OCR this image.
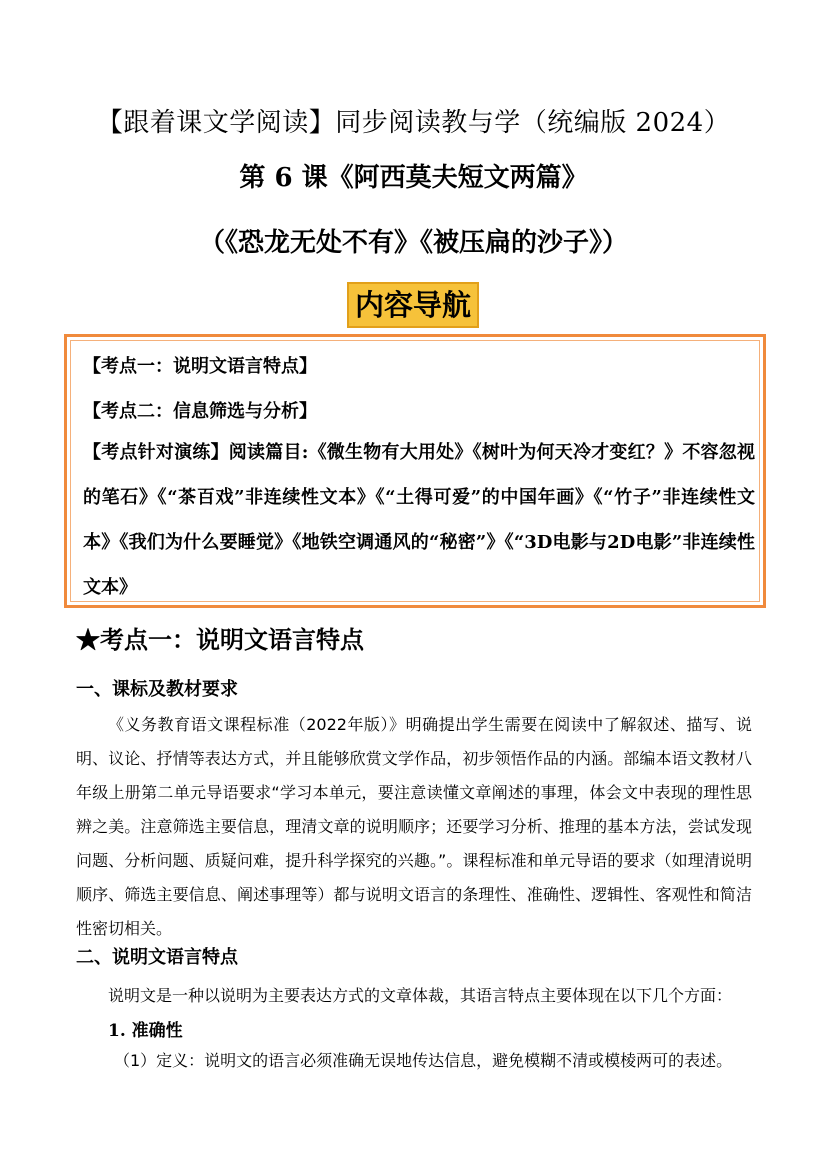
【跟着课文学阅读】同步阅读教与学（统编版 2024）
第 6 课《阿西莫夫短文两篇》
（《恐龙无处不有》《被压扁的沙子》）
内容导航
【考点一：说明文语言特点】
【考点二：信息筛选与分析】
【考点针对演练】阅读篇目:《微生物有大用处》《树叶为何天冷才变红？》不容忽视的笔石》《“茶百戏”非连续性文本》《“土得可爱”的中国年画》《“竹子”非连续性文本》《我们为什么要睡觉》《地铁空调通风的“秘密”》《“3D电影与2D电影”非连续性文本》
★考点一：说明文语言特点
一、课标及教材要求
《义务教育语文课程标准（2022年版）》明确提出学生需要在阅读中了解叙述、描写、说明、议论、抒情等表达方式，并且能够欣赏文学作品，初步领悟作品的内涵。部编本语文教材八年级上册第二单元导语要求“学习本单元，要注意读懂文章阐述的事理，体会文中表现的理性思辨之美。注意筛选主要信息，理清文章的说明顺序；还要学习分析、推理的基本方法，尝试发现问题、分析问题、质疑问难，提升科学探究的兴趣。”。课程标准和单元导语的要求（如理清说明顺序、筛选主要信息、阐述事理等）都与说明文语言的条理性、准确性、逻辑性、客观性和简洁性密切相关。
二、说明文语言特点
说明文是一种以说明为主要表达方式的文章体裁，其语言特点主要体现在以下几个方面：
1. 准确性
（1）定义：说明文的语言必须准确无误地传达信息，避免模糊不清或模棱两可的表述。
